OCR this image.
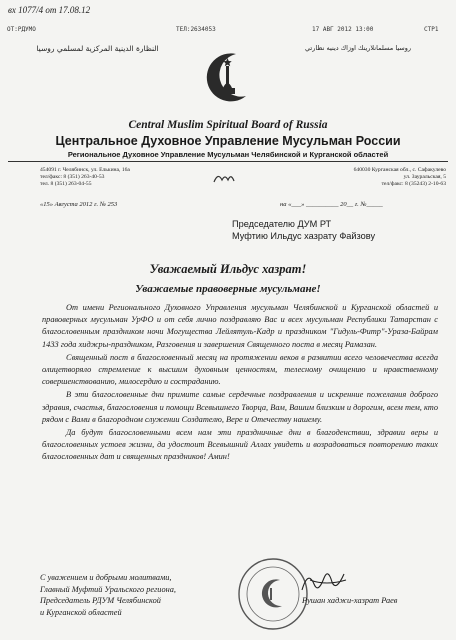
вх 1077/4 от 17.08.12
ОТ:РДУМО	ТЕЛ:2634053	17 АВГ 2012 13:00	СТР1
النظارة الدينية المركزية لمسلمي روسيا	روسيا مسلمانلارينك اوزاك دينيه نظارتي
Central Muslim Spiritual Board of Russia
Центральное Духовное Управление Мусульман России
Региональное Духовное Управление Мусульман Челябинской и Курганской областей
454091 г. Челябинск, ул. Елькина, 16а
тел/факс: 8 (351) 263-40-53
тел. 8 (351) 263-04-55
640030 Курганская обл., с. Сафакулево
ул. Зауральская, 5
тел/факс: 8 (35243) 2-10-63
«15» Августа 2012 г. № 253	на «___» __________ 20__ г. №_____
Председателю ДУМ РТ
Муфтию Ильдус хазрату Файзову
Уважаемый Ильдус хазрат!
Уважаемые правоверные мусульмане!

От имени Регионального Духовного Управления мусульман Челябинской и Курганской областей и правоверных мусульман УрФО и от себя лично поздравляю Вас и всех мусульман Республики Татарстан с благословенным праздником ночи Могущества Лейлятуль-Кадр и праздником "Гидуль-Фитр"-Ураза-Байрам 1433 года хиджры-праздником, Разговения и завершения Священного поста в месяц Рамазан.

Священный пост в благословенный месяц на протяжении веков в развитии всего человечества всегда олицетворяло стремление к высшим духовным ценностям, телесному очищению и нравственному совершенствованию, милосердию и состраданию.

В эти благословенные дни примите самые сердечные поздравления и искренние пожелания доброго здравия, счастья, благословения и помощи Всевышнего Творца, Вам, Вашим близким и дорогим, всем тем, кто рядом с Вами в благородном служении Создателю, Вере и Отечеству нашему.

Да будут благословенными всем нам эти праздничные дни в благоденствии, здравии веры и благословенных устоев жизни, да удостоит Всевышний Аллах увидеть и возрадоваться повторению таких благословенных дат и священных праздников! Амин!

С уважением и добрыми молитвами,
Главный Муфтий Уральского региона,
Председатель РДУМ Челябинской
и Курганской областей
Рушан хаджи-хазрат Раев
